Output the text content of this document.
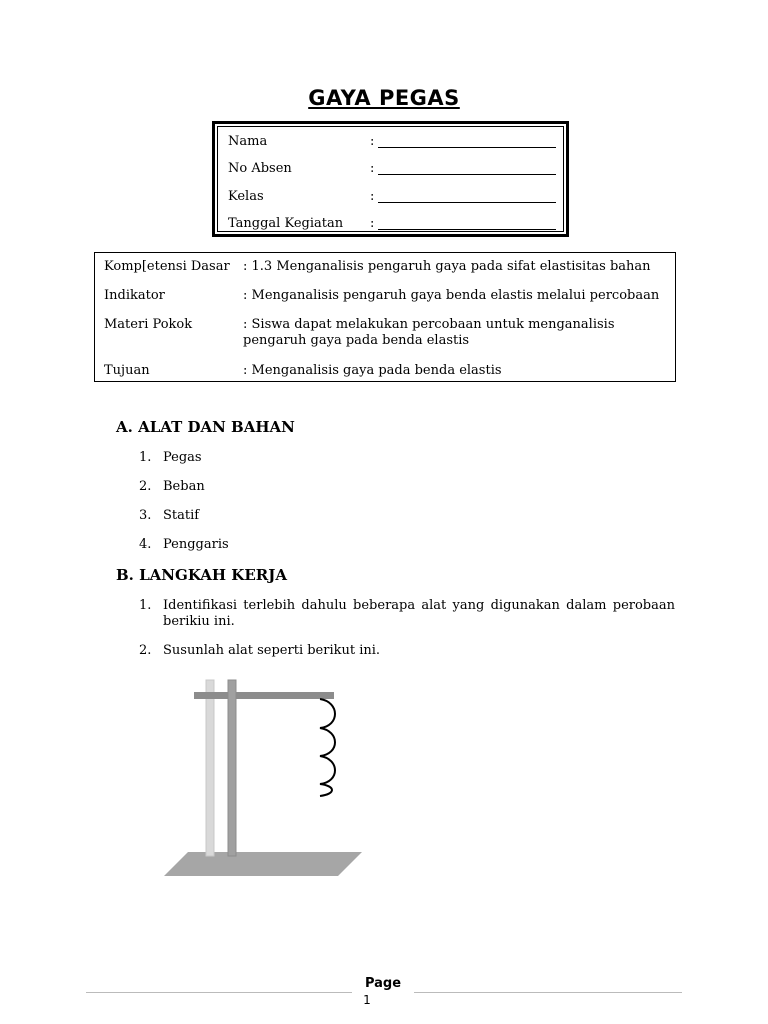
GAYA PEGAS
Nama	:
No Absen	:
Kelas	:
Tanggal Kegiatan	:
Komp[etensi Dasar	: 1.3 Menganalisis pengaruh gaya pada sifat elastisitas bahan
Indikator	: Menganalisis pengaruh gaya benda elastis melalui percobaan
Materi Pokok	: Siswa dapat melakukan percobaan untuk menganalisis pengaruh gaya pada benda elastis
Tujuan	: Menganalisis gaya pada benda elastis
A. ALAT DAN BAHAN
1. Pegas
2. Beban
3. Statif
4. Penggaris
B. LANGKAH KERJA
1. Identifikasi terlebih dahulu beberapa alat yang digunakan dalam perobaan berikiu ini.
2. Susunlah alat seperti berikut ini.
Page
1
